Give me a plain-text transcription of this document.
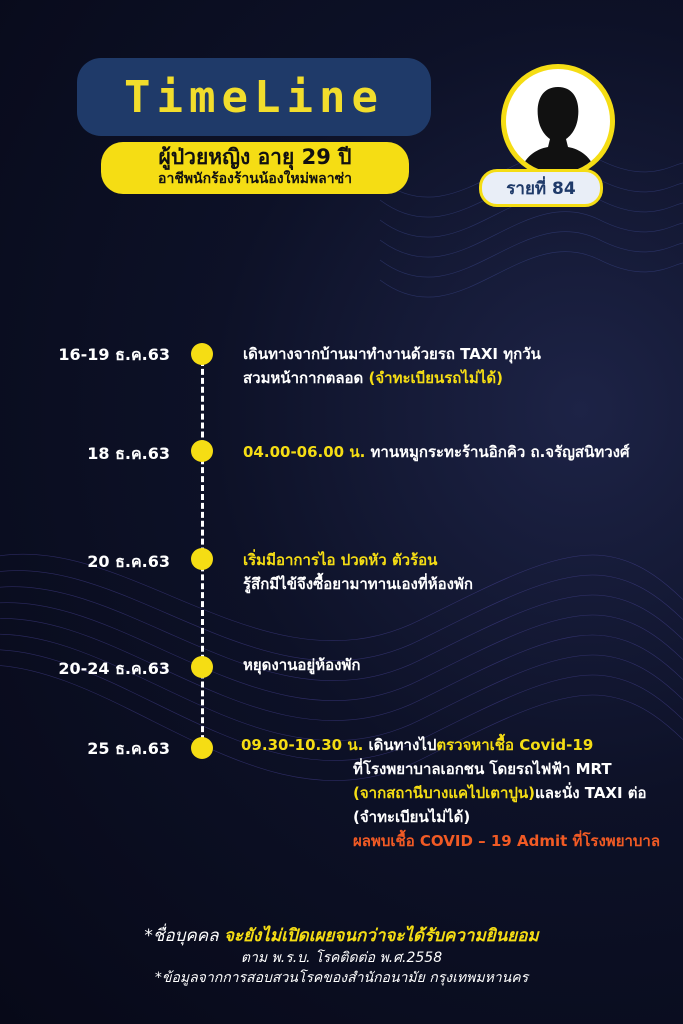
TimeLine
ผู้ป่วยหญิง อายุ 29 ปี
อาชีพนักร้องร้านน้องใหม่พลาซ่า	รายที่ 84
16-19 ธ.ค.63	เดินทางจากบ้านมาทำงานด้วยรถ TAXI ทุกวัน
สวมหน้ากากตลอด (จำทะเบียนรถไม่ได้)
18 ธ.ค.63	04.00-06.00 น. ทานหมูกระทะร้านอิกคิว ถ.จรัญสนิทวงศ์
20 ธ.ค.63	เริ่มมีอาการไอ ปวดหัว ตัวร้อน
รู้สึกมีไข้จึงซื้อยามาทานเองที่ห้องพัก
20-24 ธ.ค.63	หยุดงานอยู่ห้องพัก
25 ธ.ค.63	09.30-10.30 น. เดินทางไปตรวจหาเชื้อ Covid-19
ที่โรงพยาบาลเอกชน โดยรถไฟฟ้า MRT
(จากสถานีบางแคไปเตาปูน)และนั่ง TAXI ต่อ
(จำทะเบียนไม่ได้)
ผลพบเชื้อ COVID – 19 Admit ที่โรงพยาบาล
*ชื่อบุคคล จะยังไม่เปิดเผยจนกว่าจะได้รับความยินยอม
ตาม พ.ร.บ. โรคติดต่อ พ.ศ.2558
*ข้อมูลจากการสอบสวนโรคของสำนักอนามัย กรุงเทพมหานคร
